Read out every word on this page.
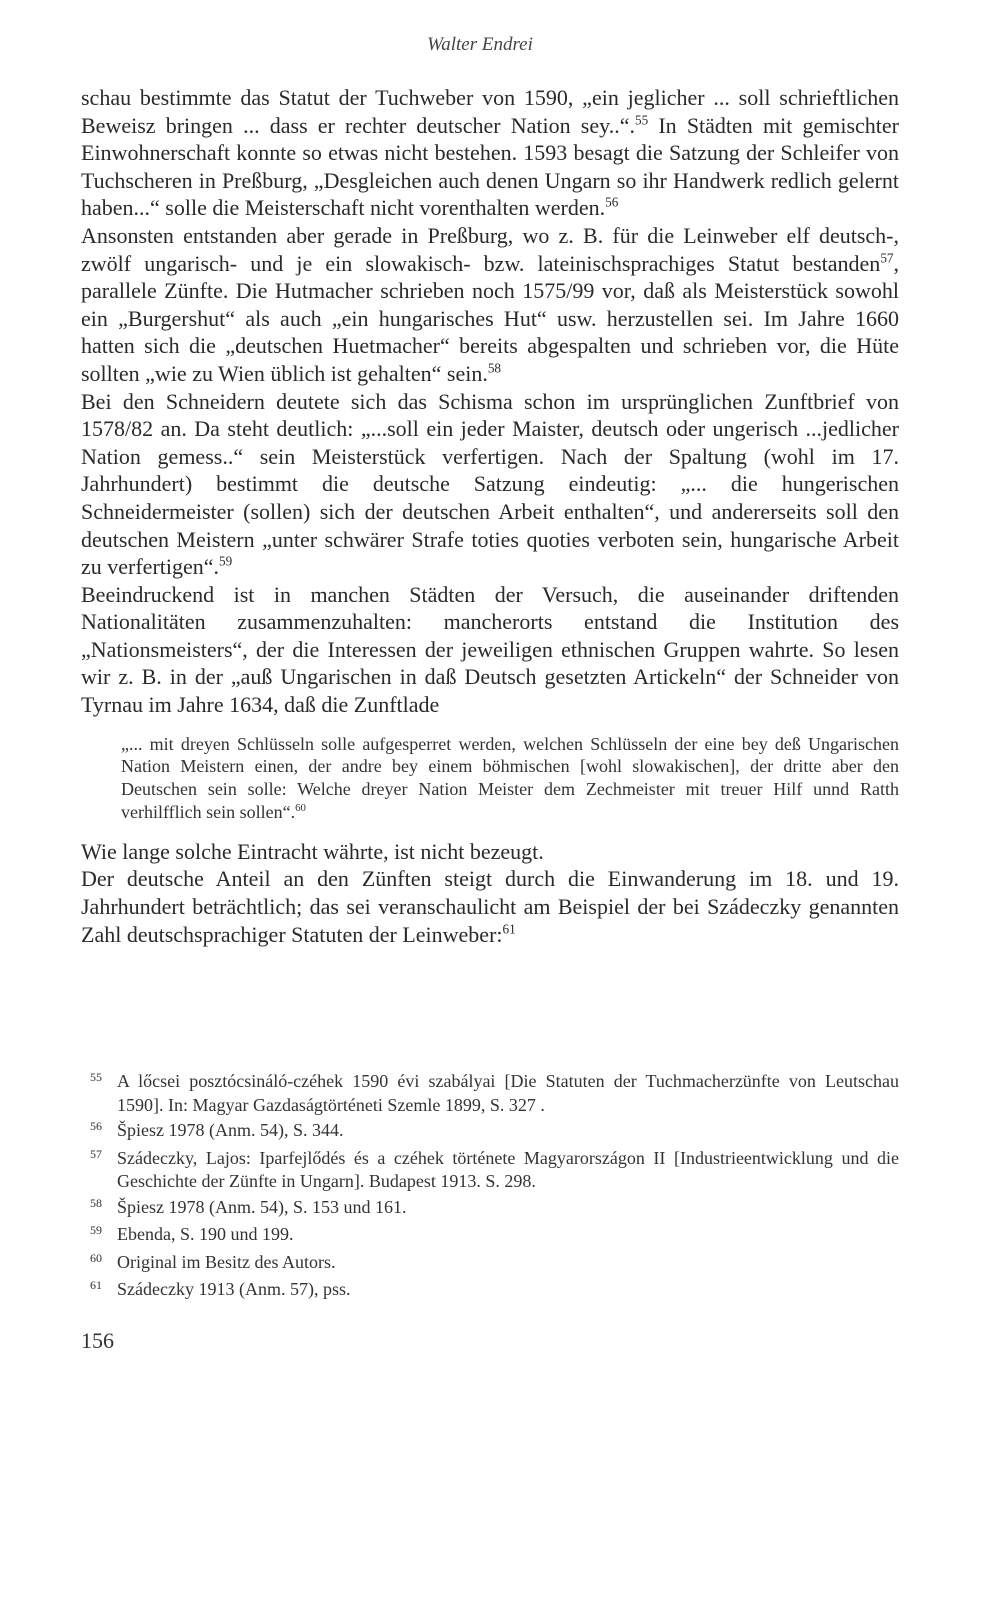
Walter Endrei

schau bestimmte das Statut der Tuchweber von 1590, „ein jeglicher ... soll schrieftlichen Beweisz bringen ... dass er rechter deutscher Nation sey..“.$^{55}$ In Städten mit gemischter Einwohnerschaft konnte so etwas nicht bestehen. 1593 besagt die Satzung der Schleifer von Tuchscheren in Preßburg, „Desgleichen auch denen Ungarn so ihr Handwerk redlich gelernt haben...“ solle die Meisterschaft nicht vorenthalten werden.$^{56}$

Ansonsten entstanden aber gerade in Preßburg, wo z. B. für die Leinweber elf deutsch-, zwölf ungarisch- und je ein slowakisch- bzw. lateinischsprachiges Statut bestanden$^{57}$, parallele Zünfte. Die Hutmacher schrieben noch 1575/99 vor, daß als Meisterstück sowohl ein „Burgershut“ als auch „ein hungarisches Hut“ usw. herzustellen sei. Im Jahre 1660 hatten sich die „deutschen Huetmacher“ bereits abgespalten und schrieben vor, die Hüte sollten „wie zu Wien üblich ist gehalten“ sein.$^{58}$

Bei den Schneidern deutete sich das Schisma schon im ursprünglichen Zunftbrief von 1578/82 an. Da steht deutlich: „...soll ein jeder Maister, deutsch oder ungerisch ...jedlicher Nation gemess..“ sein Meisterstück verfertigen. Nach der Spaltung (wohl im 17. Jahrhundert) bestimmt die deutsche Satzung eindeutig: „... die hungerischen Schneidermeister (sollen) sich der deutschen Arbeit enthalten“, und andererseits soll den deutschen Meistern „unter schwärer Strafe toties quoties verboten sein, hungarische Arbeit zu verfertigen“.$^{59}$

Beeindruckend ist in manchen Städten der Versuch, die auseinander driftenden Nationalitäten zusammenzuhalten: mancherorts entstand die Institution des „Nationsmeisters“, der die Interessen der jeweiligen ethnischen Gruppen wahrte. So lesen wir z. B. in der „auß Ungarischen in daß Deutsch gesetzten Artickeln“ der Schneider von Tyrnau im Jahre 1634, daß die Zunftlade

„... mit dreyen Schlüsseln solle aufgesperret werden, welchen Schlüsseln der eine bey deß Ungarischen Nation Meistern einen, der andre bey einem böhmischen [wohl slowakischen], der dritte aber den Deutschen sein solle: Welche dreyer Nation Meister dem Zechmeister mit treuer Hilf unnd Ratth verhilfflich sein sollen“.$^{60}$

Wie lange solche Eintracht währte, ist nicht bezeugt.

Der deutsche Anteil an den Zünften steigt durch die Einwanderung im 18. und 19. Jahrhundert beträchtlich; das sei veranschaulicht am Beispiel der bei Szádeczky genannten Zahl deutschsprachiger Statuten der Leinweber:$^{61}$

55 A lőcsei posztócsináló-czéhek 1590 évi szabályai [Die Statuten der Tuchmacherzünfte von Leutschau 1590]. In: Magyar Gazdaságtörténeti Szemle 1899, S. 327 .
56 Špiesz 1978 (Anm. 54), S. 344.
57 Szádeczky, Lajos: Iparfejlődés és a czéhek története Magyarországon II [Industrieentwicklung und die Geschichte der Zünfte in Ungarn]. Budapest 1913. S. 298.
58 Špiesz 1978 (Anm. 54), S. 153 und 161.
59 Ebenda, S. 190 und 199.
60 Original im Besitz des Autors.
61 Szádeczky 1913 (Anm. 57), pss.
156
